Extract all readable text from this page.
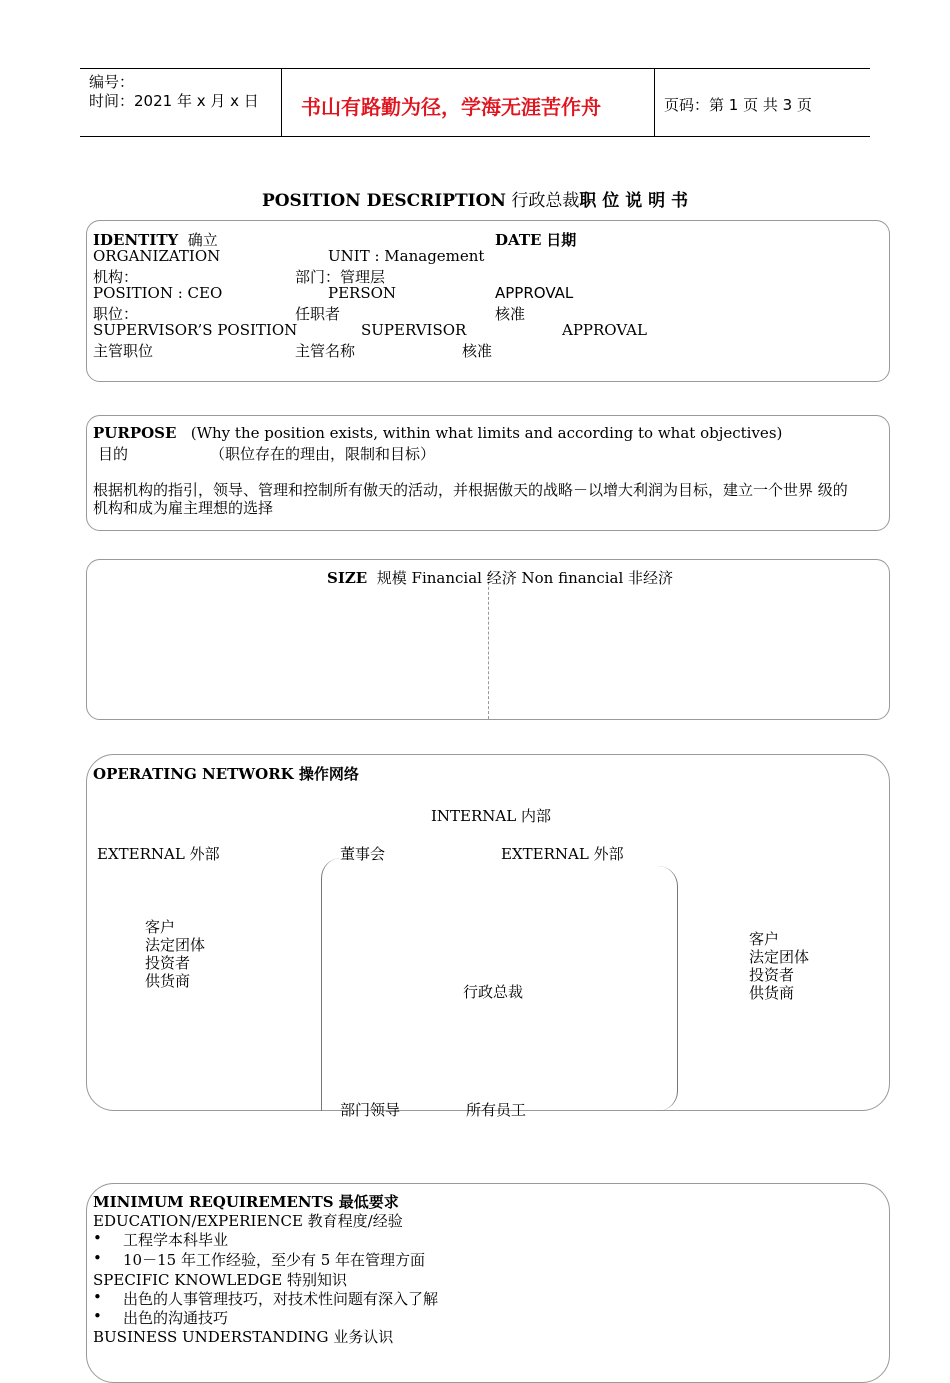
编号：
时间：2021 年 x 月 x 日 书山有路勤为径，学海无涯苦作舟	页码：第 1 页 共 3 页
POSITION DESCRIPTION 行政总裁职 位 说 明 书
IDENTITY 确立	DATE 日期
ORGANIZATION	UNIT : Management
机构：	部门：管理层
POSITION : CEO	PERSON	APPROVAL
职位：	任职者	核准
SUPERVISOR’S POSITION	SUPERVISOR	APPROVAL
主管职位	主管名称	核准
PURPOSE (Why the position exists, within what limits and according to what objectives)
目的	（职位存在的理由，限制和目标）
根据机构的指引，领导、管理和控制所有傲天的活动，并根据傲天的战略－以增大利润为目标，建立一个世界 级的
机构和成为雇主理想的选择
SIZE 规模 Financial 经济 Non financial 非经济
OPERATING NETWORK 操作网络
INTERNAL 内部
EXTERNAL 外部	董事会	EXTERNAL 外部
客户
法定团体
投资者
供货商
行政总裁
客户
法定团体
投资者
供货商
部门领导	所有员工
MINIMUM REQUIREMENTS 最低要求
EDUCATION/EXPERIENCE 教育程度/经验
• 工程学本科毕业
• 10－15 年工作经验，至少有 5 年在管理方面
SPECIFIC KNOWLEDGE 特别知识
• 出色的人事管理技巧，对技术性问题有深入了解
• 出色的沟通技巧
BUSINESS UNDERSTANDING 业务认识
